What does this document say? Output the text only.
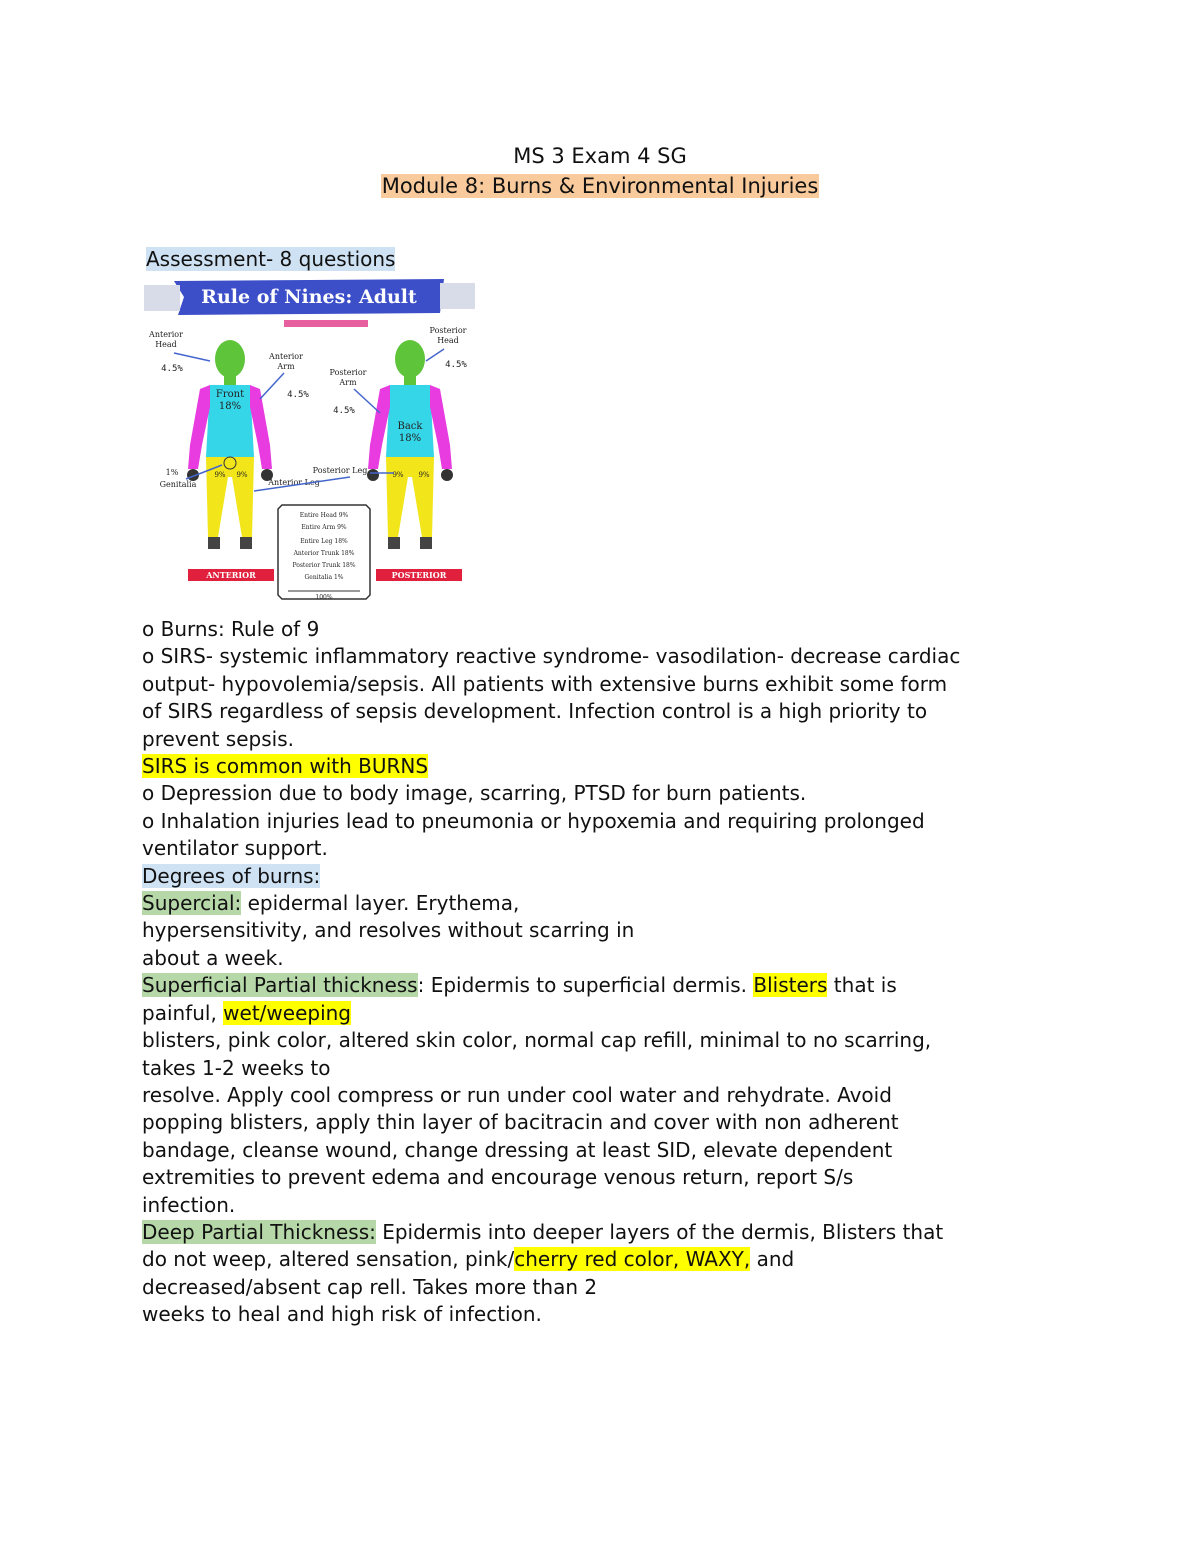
MS 3 Exam 4 SG
Module 8: Burns & Environmental Injuries
Assessment- 8 questions
Rule of Nines: Adult
Front
18%
9% 9%
Back
18%
9% 9%
Anterior
Head
4.5%
Anterior
Arm
4.5%
1%
Genitalia	Anterior Leg
Posterior
Head
4.5%
Posterior
Arm
4.5%
Posterior Leg
Entire Head 9%
Entire Arm 9%
Entire Leg 18%
Anterior Trunk 18%
Posterior Trunk 18%
Genitalia 1%
100%
ANTERIOR	POSTERIOR

o Burns: Rule of 9

o SIRS- systemic inflammatory reactive syndrome- vasodilation- decrease cardiac

output- hypovolemia/sepsis. All patients with extensive burns exhibit some form

of SIRS regardless of sepsis development. Infection control is a high priority to

prevent sepsis.

SIRS is common with BURNS

o Depression due to body image, scarring, PTSD for burn patients.

o Inhalation injuries lead to pneumonia or hypoxemia and requiring prolonged

ventilator support.

Degrees of burns:

Supercial: epidermal layer. Erythema,

hypersensitivity, and resolves without scarring in

about a week.

Superficial Partial thickness: Epidermis to superficial dermis. Blisters that is

painful, wet/weeping

blisters, pink color, altered skin color, normal cap refill, minimal to no scarring,

takes 1-2 weeks to

resolve. Apply cool compress or run under cool water and rehydrate. Avoid

popping blisters, apply thin layer of bacitracin and cover with non adherent

bandage, cleanse wound, change dressing at least SID, elevate dependent

extremities to prevent edema and encourage venous return, report S/s

infection.

Deep Partial Thickness: Epidermis into deeper layers of the dermis, Blisters that

do not weep, altered sensation, pink/cherry red color, WAXY, and

decreased/absent cap rell. Takes more than 2

weeks to heal and high risk of infection.
